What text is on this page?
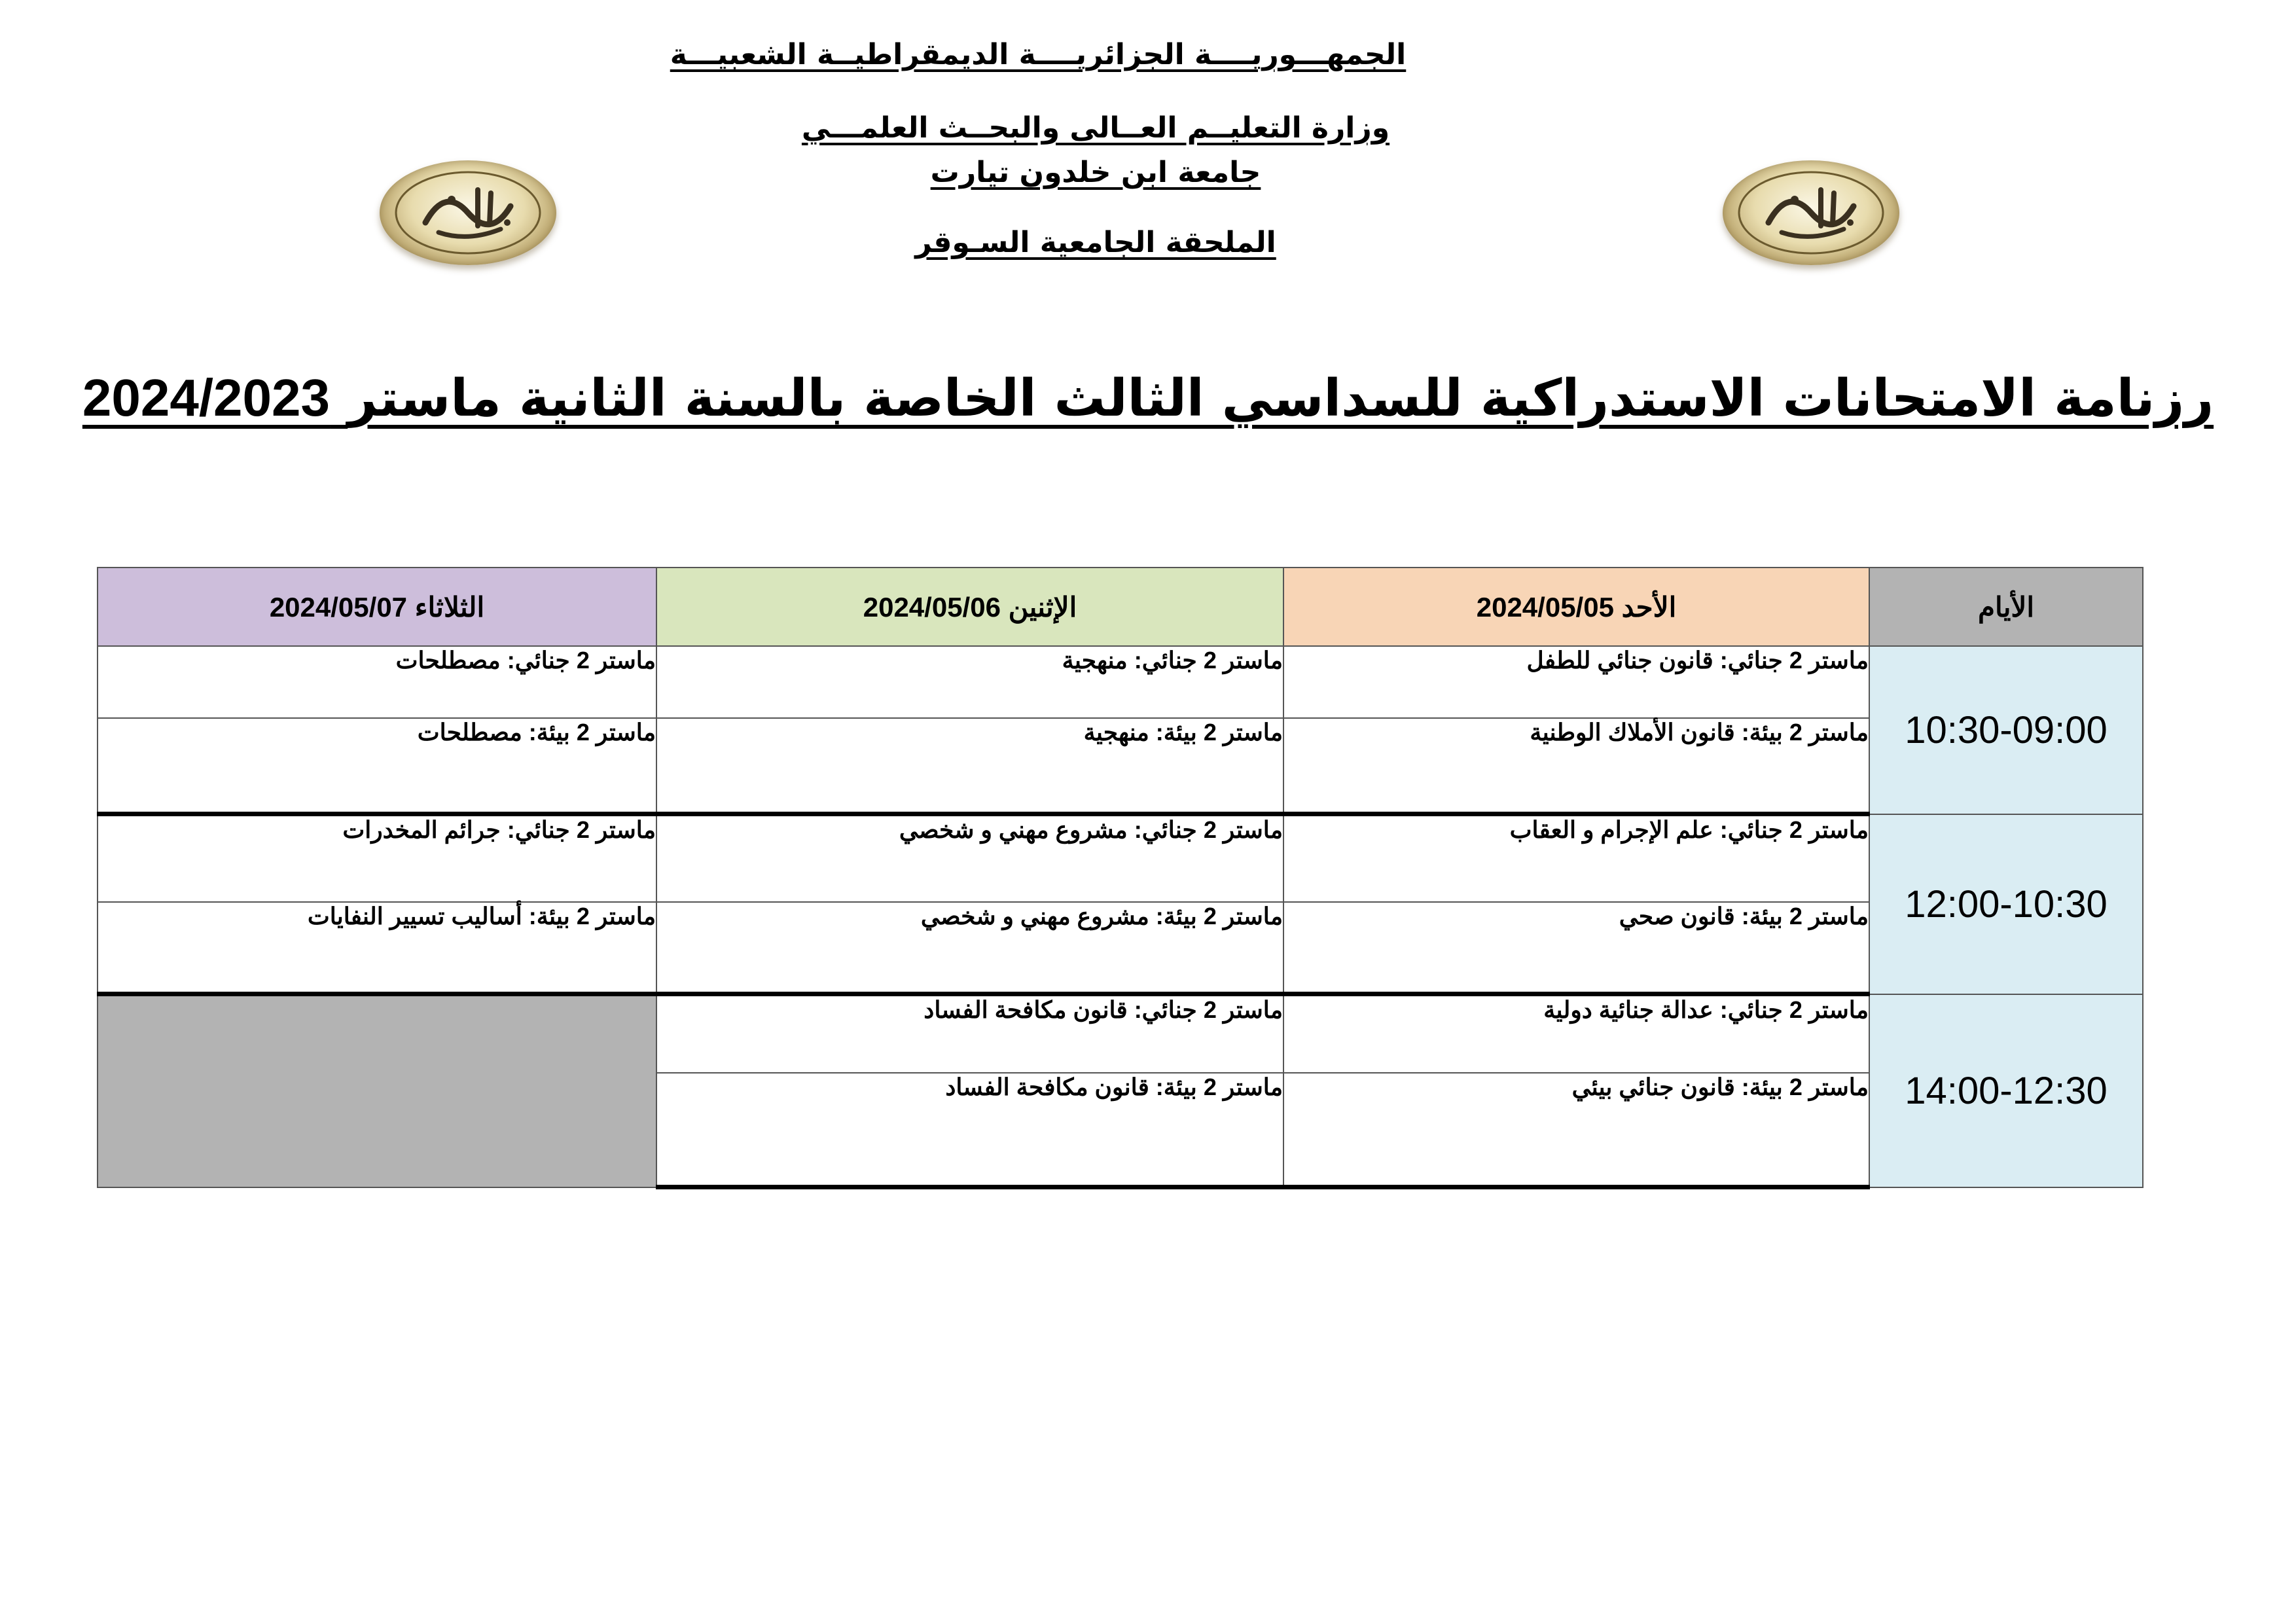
الجمهـــوريــــة الجزائريــــة الديمقراطيــة الشعبيـــة
وزارة التعليــم العــالى والبحــث العلمـــي
جامعة ابن خلدون تيارت
الملحقة الجامعية السـوقر
رزنامة الامتحانات الاستدراكية للسداسي الثالث الخاصة بالسنة الثانية ماستر 2024/2023
الأيام	الأحد 2024/05/05	الإثنين 2024/05/06	الثلاثاء 2024/05/07
10:30-09:00	ماستر 2 جنائي: قانون جنائي للطفل	ماستر 2 جنائي: منهجية	ماستر 2 جنائي: مصطلحات
	ماستر 2 بيئة: قانون الأملاك الوطنية	ماستر 2 بيئة: منهجية	ماستر 2 بيئة: مصطلحات
12:00-10:30	ماستر 2 جنائي: علم الإجرام و العقاب	ماستر 2 جنائي: مشروع مهني و شخصي	ماستر 2 جنائي: جرائم المخدرات
	ماستر 2 بيئة: قانون صحي	ماستر 2 بيئة: مشروع مهني و شخصي	ماستر 2 بيئة: أساليب تسيير النفايات
14:00-12:30	ماستر 2 جنائي: عدالة جنائية دولية	ماستر 2 جنائي: قانون مكافحة الفساد	
	ماستر 2 بيئة: قانون جنائي بيئي	ماستر 2 بيئة: قانون مكافحة الفساد	
